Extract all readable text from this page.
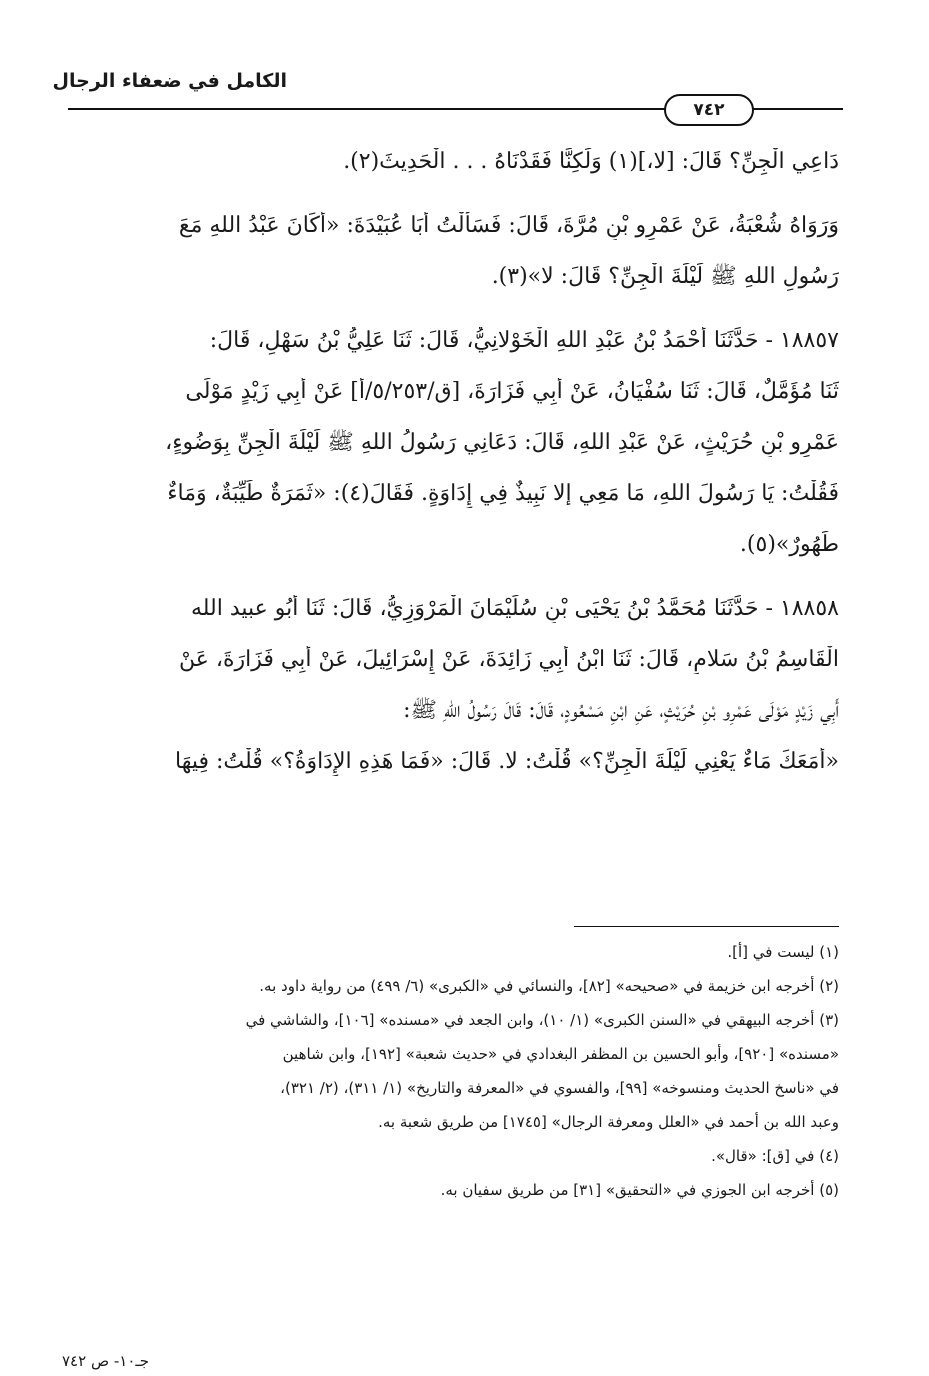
الكامل في ضعفاء الرجال
٧٤٢
دَاعِي الْجِنِّ؟ قَالَ: [لا،](١) وَلَكِنَّا فَقَدْنَاهُ . . . الْحَدِيثَ(٢).
وَرَوَاهُ شُعْبَةُ، عَنْ عَمْرِو بْنِ مُرَّةَ، قَالَ: فَسَأَلْتُ أَبَا عُبَيْدَةَ: «أَكَانَ عَبْدُ اللهِ مَعَ
رَسُولِ اللهِ ﷺ لَيْلَةَ الْجِنِّ؟ قَالَ: لا»(٣).
١٨٨٥٧ - حَدَّثَنَا أَحْمَدُ بْنُ عَبْدِ اللهِ الْخَوْلانِيُّ، قَالَ: ثَنَا عَلِيُّ بْنُ سَهْلٍ، قَالَ:
ثَنَا مُؤَمَّلٌ، قَالَ: ثَنَا سُفْيَانُ، عَنْ أَبِي فَزَارَةَ، [ق/٥/٢٥٣/أ] عَنْ أَبِي زَيْدٍ مَوْلَى
عَمْرِو بْنِ حُرَيْثٍ، عَنْ عَبْدِ اللهِ، قَالَ: دَعَانِي رَسُولُ اللهِ ﷺ لَيْلَةَ الْجِنِّ بِوَضُوءٍ،
فَقُلْتُ: يَا رَسُولَ اللهِ، مَا مَعِي إلا نَبِيذٌ فِي إِدَاوَةٍ. فَقَالَ(٤): «ثَمَرَةٌ طَيِّبَةٌ، وَمَاءٌ
طَهُورٌ»(٥).
١٨٨٥٨ - حَدَّثَنَا مُحَمَّدُ بْنُ يَحْيَى بْنِ سُلَيْمَانَ الْمَرْوَزِيُّ، قَالَ: ثَنَا أَبُو عبيد الله
الْقَاسِمُ بْنُ سَلامٍ، قَالَ: ثَنَا ابْنُ أَبِي زَائِدَةَ، عَنْ إِسْرَائِيلَ، عَنْ أَبِي فَزَارَةَ، عَنْ
أَبِي زَيْدٍ مَوْلَى عَمْرِو بْنِ حُرَيْثٍ، عَنِ ابْنِ مَسْعُودٍ، قَالَ: قَالَ رَسُولُ اللهِ ﷺ:
«أَمَعَكَ مَاءٌ يَعْنِي لَيْلَةَ الْجِنِّ؟» قُلْتُ: لا. قَالَ: «فَمَا هَذِهِ الإِدَاوَةُ؟» قُلْتُ: فِيهَا
(١) ليست في [أ].
(٢) أخرجه ابن خزيمة في «صحيحه» [٨٢]، والنسائي في «الكبرى» (٦/ ٤٩٩) من رواية داود به.
(٣) أخرجه البيهقي في «السنن الكبرى» (١/ ١٠)، وابن الجعد في «مسنده» [١٠٦]، والشاشي في
«مسنده» [٩٢٠]، وأبو الحسين بن المظفر البغدادي في «حديث شعبة» [١٩٢]، وابن شاهين
في «ناسخ الحديث ومنسوخه» [٩٩]، والفسوي في «المعرفة والتاريخ» (١/ ٣١١)، (٢/ ٣٢١)،
وعبد الله بن أحمد في «العلل ومعرفة الرجال» [١٧٤٥] من طريق شعبة به.
(٤) في [ق]: «قال».
(٥) أخرجه ابن الجوزي في «التحقيق» [٣١] من طريق سفيان به.
جـ١٠- ص ٧٤٢
